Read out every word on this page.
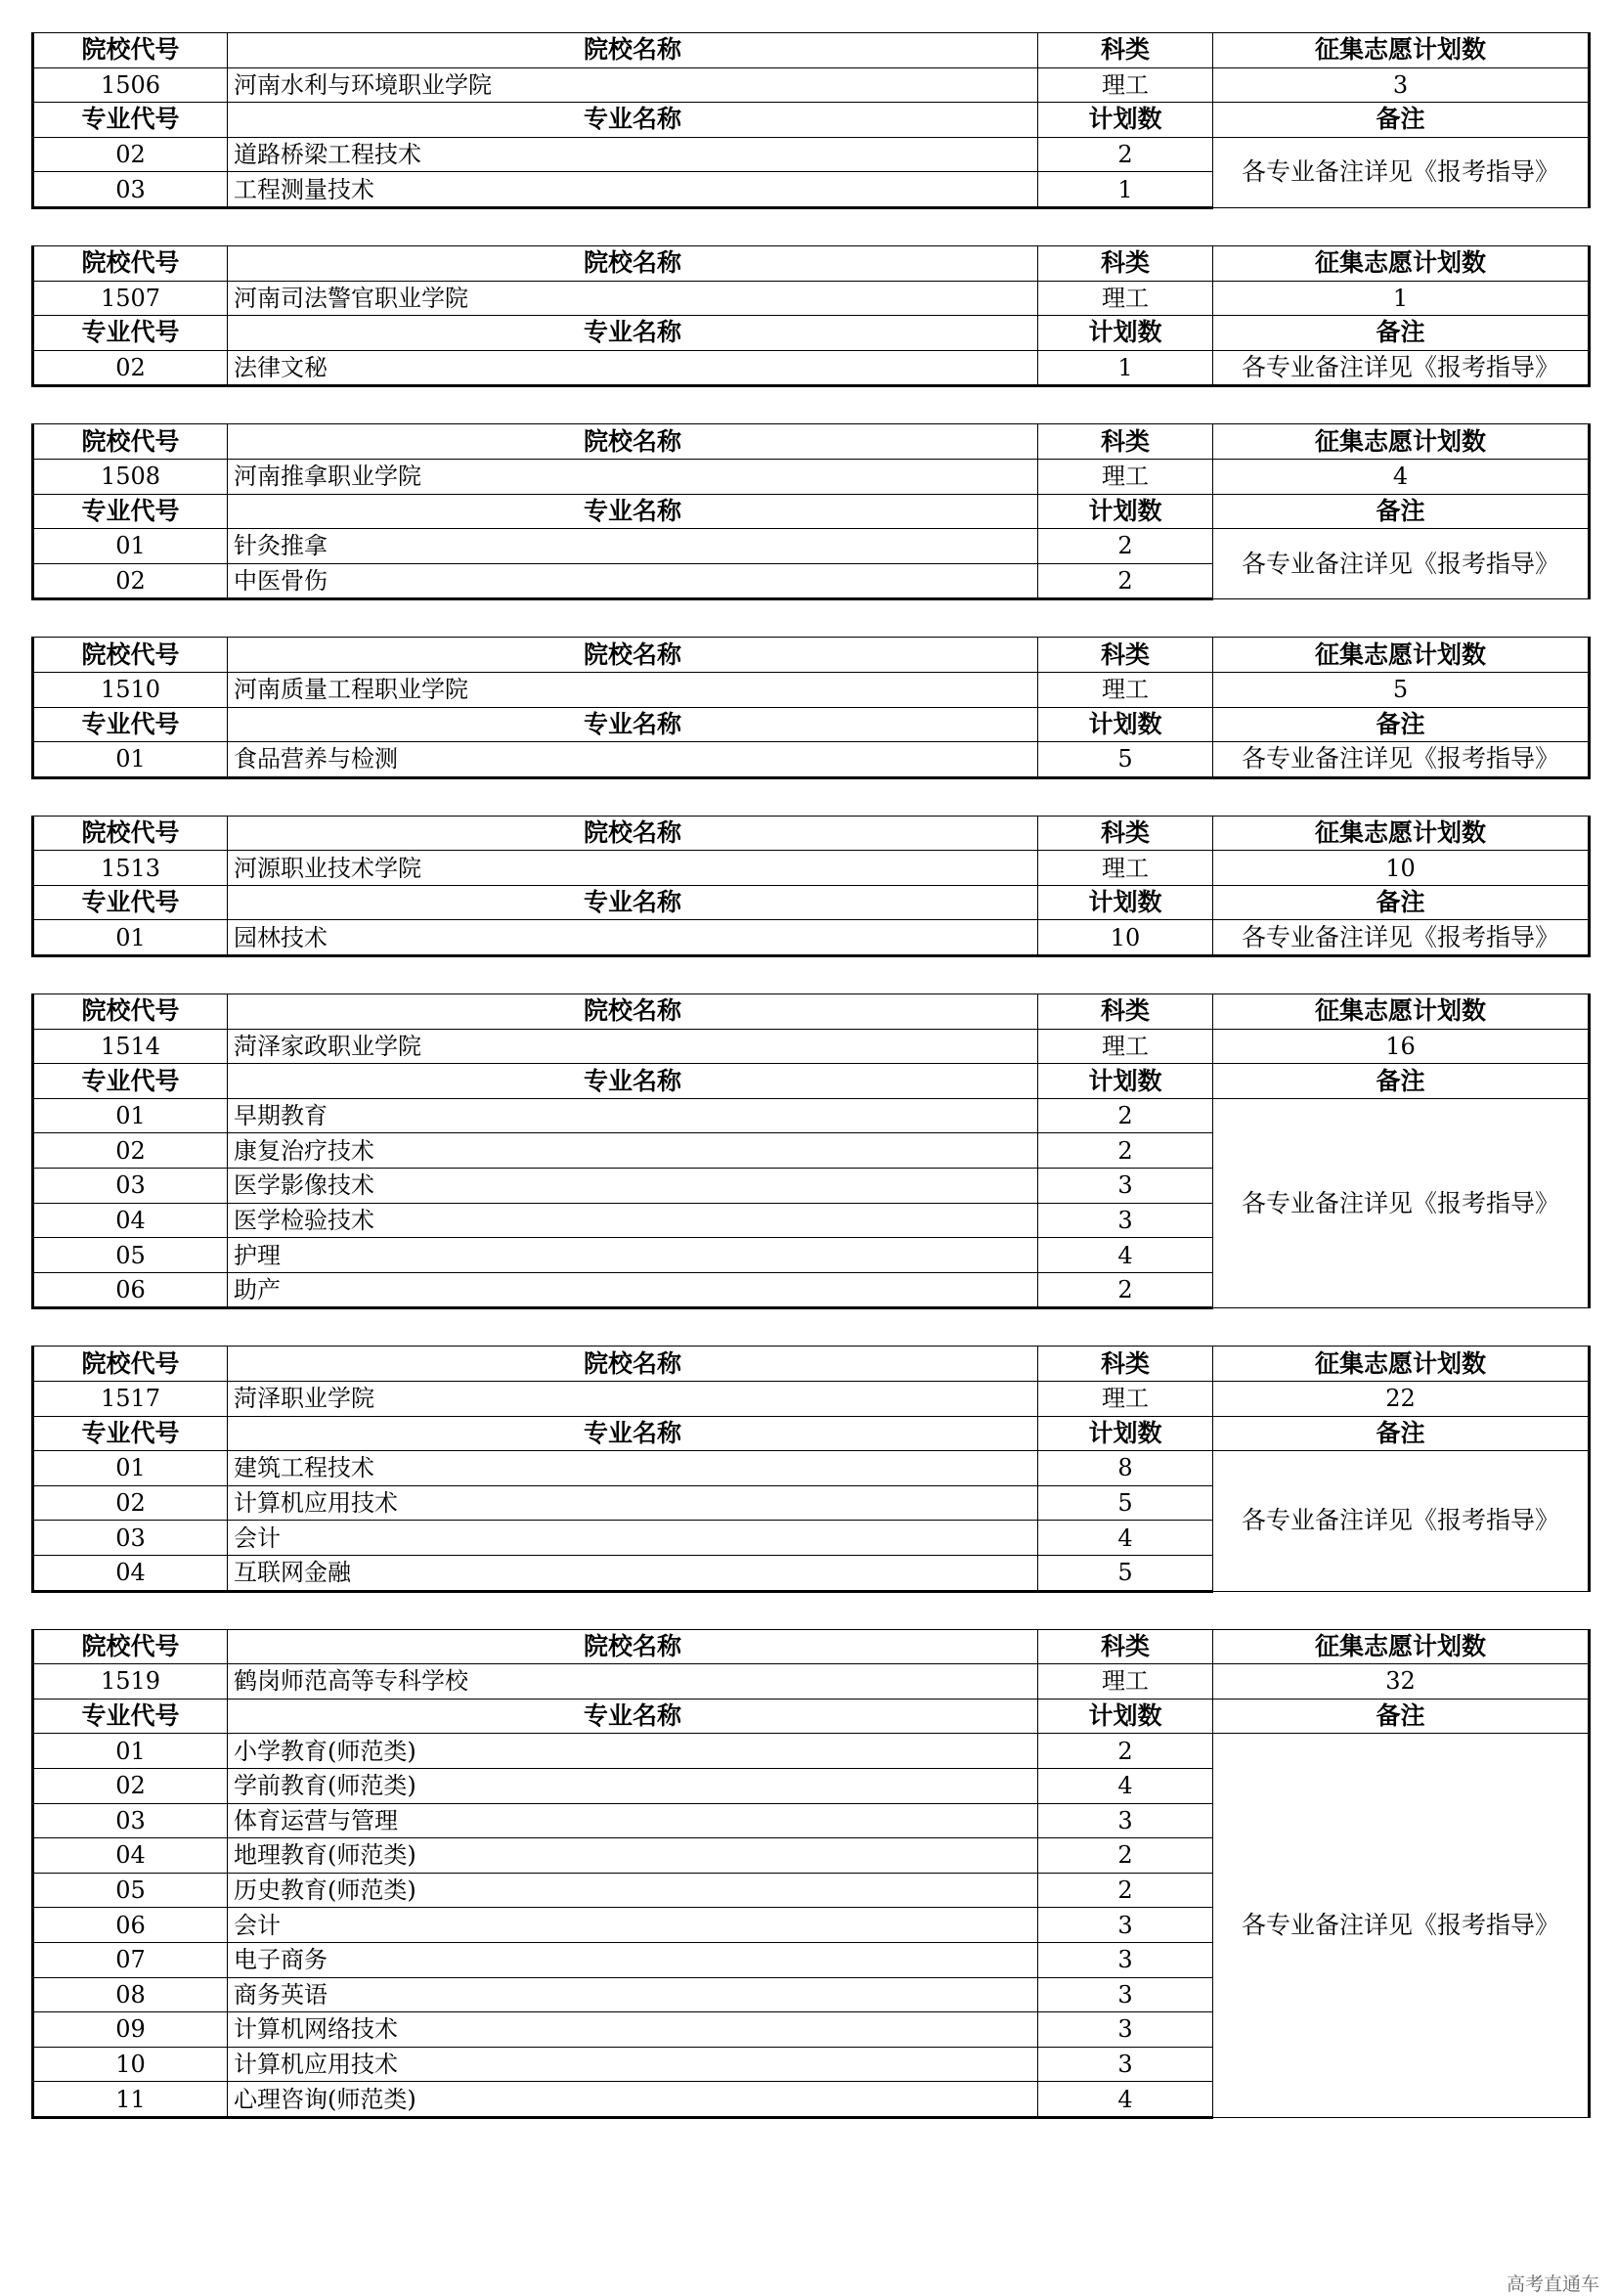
院校代号	院校名称	科类	征集志愿计划数
1506	河南水利与环境职业学院	理工	3
专业代号	专业名称	计划数	备注
02	道路桥梁工程技术	2	各专业备注详见《报考指导》
03	工程测量技术	1	
院校代号	院校名称	科类	征集志愿计划数
1507	河南司法警官职业学院	理工	1
专业代号	专业名称	计划数	备注
02	法律文秘	1	各专业备注详见《报考指导》
院校代号	院校名称	科类	征集志愿计划数
1508	河南推拿职业学院	理工	4
专业代号	专业名称	计划数	备注
01	针灸推拿	2	各专业备注详见《报考指导》
02	中医骨伤	2	
院校代号	院校名称	科类	征集志愿计划数
1510	河南质量工程职业学院	理工	5
专业代号	专业名称	计划数	备注
01	食品营养与检测	5	各专业备注详见《报考指导》
院校代号	院校名称	科类	征集志愿计划数
1513	河源职业技术学院	理工	10
专业代号	专业名称	计划数	备注
01	园林技术	10	各专业备注详见《报考指导》
院校代号	院校名称	科类	征集志愿计划数
1514	菏泽家政职业学院	理工	16
专业代号	专业名称	计划数	备注
01	早期教育	2	各专业备注详见《报考指导》
02	康复治疗技术	2	
03	医学影像技术	3	
04	医学检验技术	3	
05	护理	4	
06	助产	2	
院校代号	院校名称	科类	征集志愿计划数
1517	菏泽职业学院	理工	22
专业代号	专业名称	计划数	备注
01	建筑工程技术	8	各专业备注详见《报考指导》
02	计算机应用技术	5	
03	会计	4	
04	互联网金融	5	
院校代号	院校名称	科类	征集志愿计划数
1519	鹤岗师范高等专科学校	理工	32
专业代号	专业名称	计划数	备注
01	小学教育(师范类)	2	各专业备注详见《报考指导》
02	学前教育(师范类)	4	
03	体育运营与管理	3	
04	地理教育(师范类)	2	
05	历史教育(师范类)	2	
06	会计	3	
07	电子商务	3	
08	商务英语	3	
09	计算机网络技术	3	
10	计算机应用技术	3	
11	心理咨询(师范类)	4	
高考直通车
